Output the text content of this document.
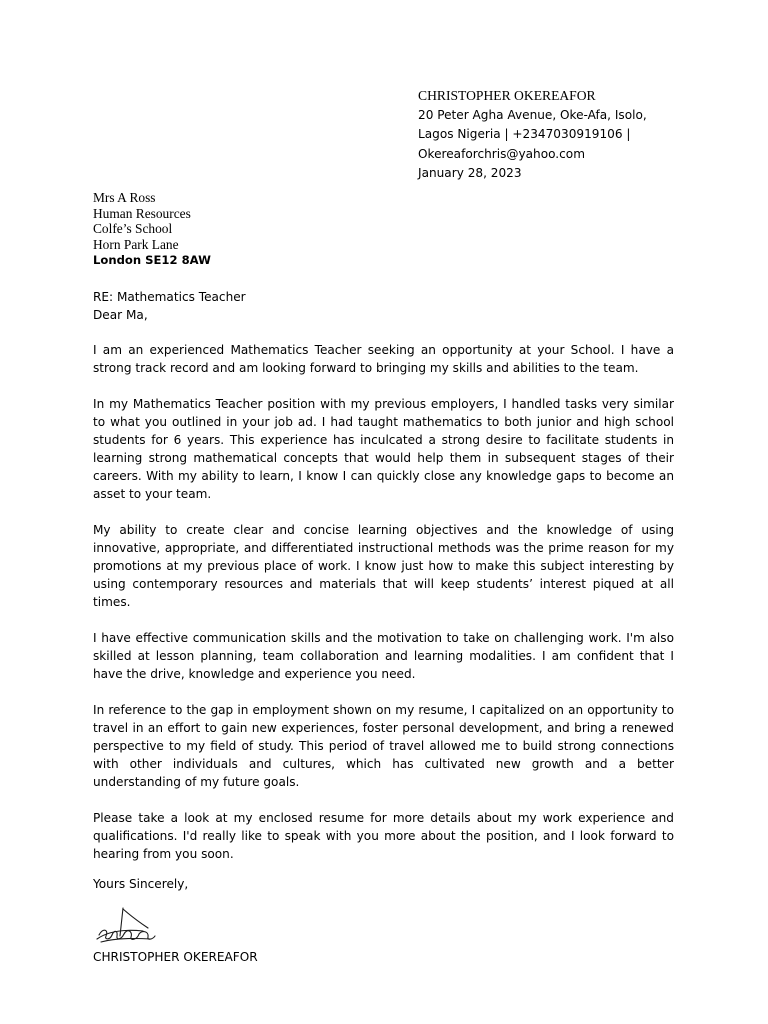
CHRISTOPHER OKEREAFOR
20 Peter Agha Avenue, Oke-Afa, Isolo,
Lagos Nigeria | +2347030919106 |
Okereaforchris@yahoo.com
January 28, 2023
Mrs A Ross
Human Resources
Colfe’s School
Horn Park Lane
London SE12 8AW
RE: Mathematics Teacher
Dear Ma,

I am an experienced Mathematics Teacher seeking an opportunity at your School. I have a strong track record and am looking forward to bringing my skills and abilities to the team.

In my Mathematics Teacher position with my previous employers, I handled tasks very similar to what you outlined in your job ad. I had taught mathematics to both junior and high school students for 6 years. This experience has inculcated a strong desire to facilitate students in learning strong mathematical concepts that would help them in subsequent stages of their careers. With my ability to learn, I know I can quickly close any knowledge gaps to become an asset to your team.

My ability to create clear and concise learning objectives and the knowledge of using innovative, appropriate, and differentiated instructional methods was the prime reason for my promotions at my previous place of work. I know just how to make this subject interesting by using contemporary resources and materials that will keep students’ interest piqued at all times.

I have effective communication skills and the motivation to take on challenging work. I'm also skilled at lesson planning, team collaboration and learning modalities. I am confident that I have the drive, knowledge and experience you need.

In reference to the gap in employment shown on my resume, I capitalized on an opportunity to travel in an effort to gain new experiences, foster personal development, and bring a renewed perspective to my field of study. This period of travel allowed me to build strong connections with other individuals and cultures, which has cultivated new growth and a better understanding of my future goals.

Please take a look at my enclosed resume for more details about my work experience and qualifications. I'd really like to speak with you more about the position, and I look forward to hearing from you soon.

Yours Sincerely,
CHRISTOPHER OKEREAFOR
